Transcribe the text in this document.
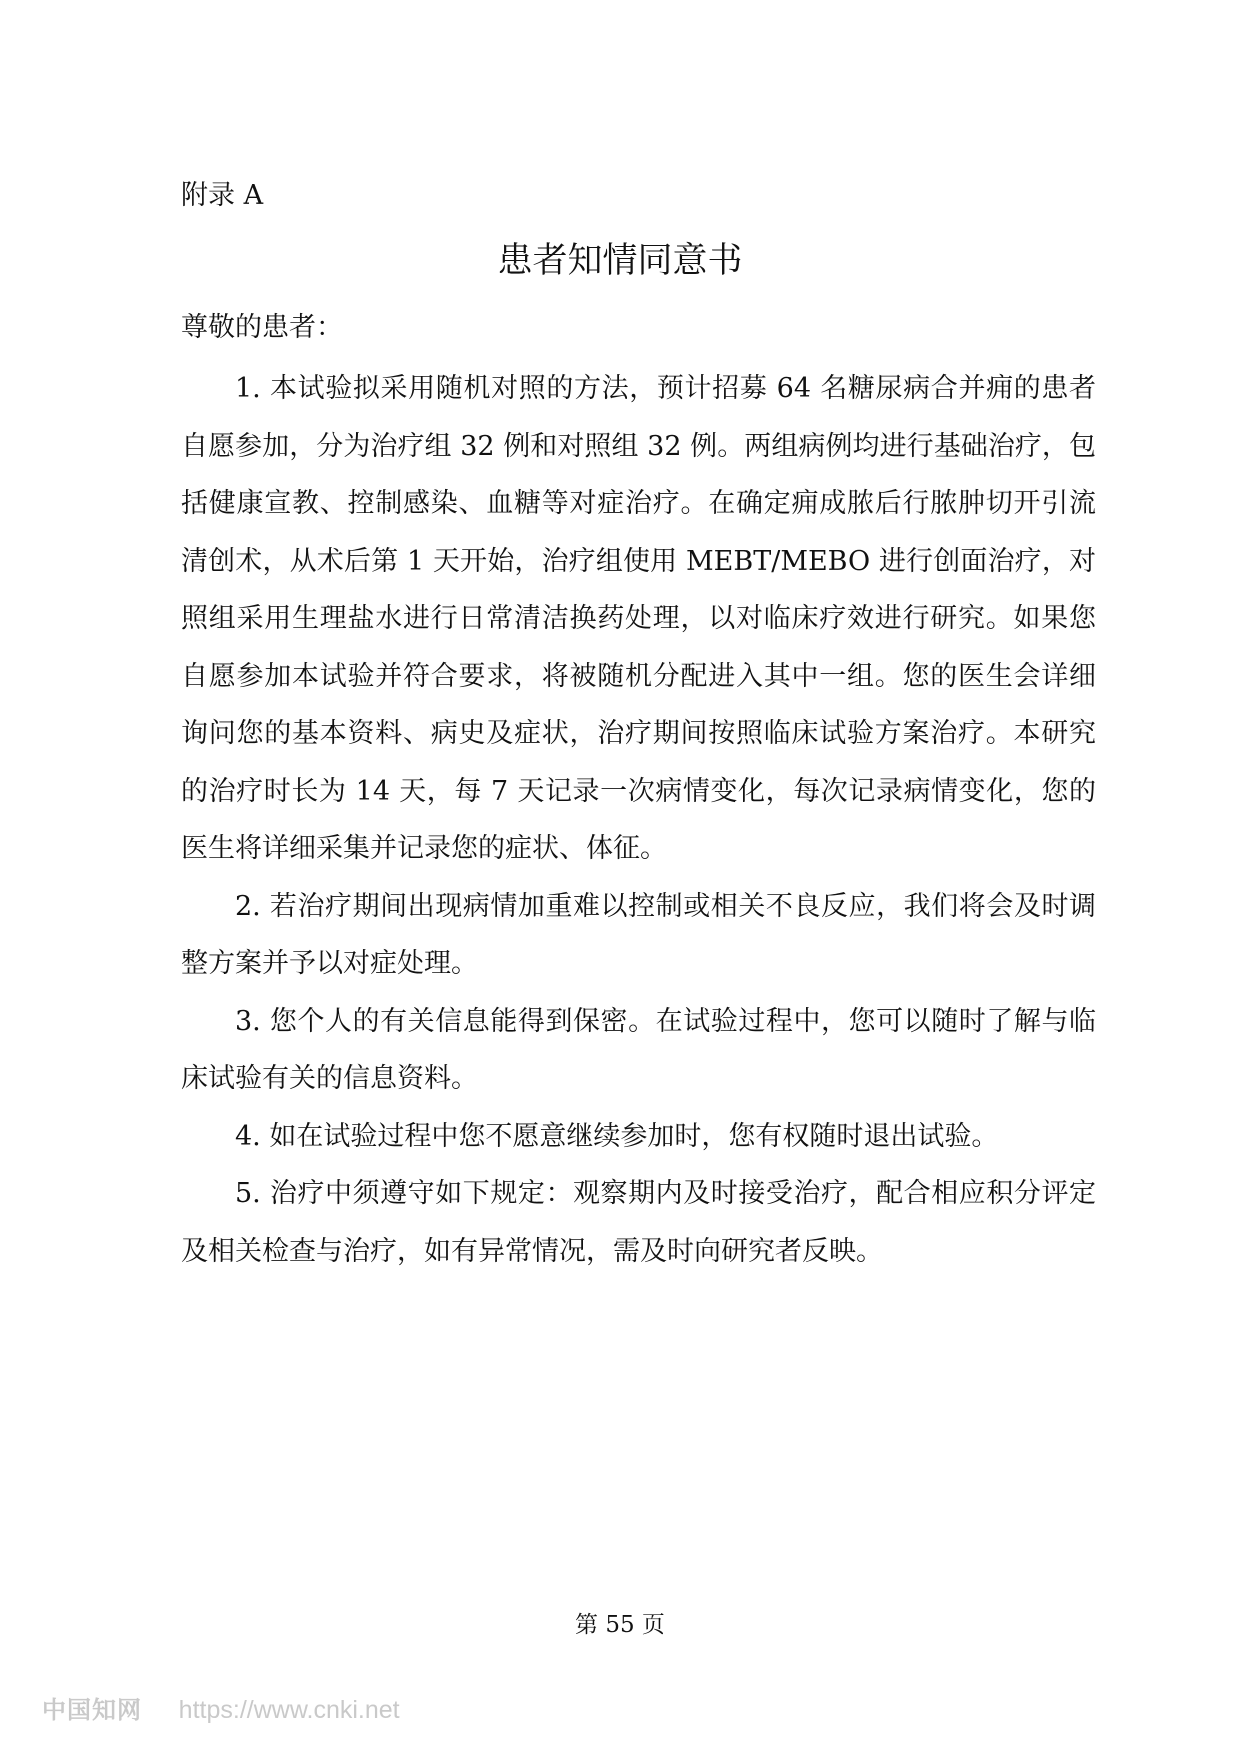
附录 A
患者知情同意书
尊敬的患者：

1. 本试验拟采用随机对照的方法，预计招募 64 名糖尿病合并痈的患者自愿参加，分为治疗组 32 例和对照组 32 例。两组病例均进行基础治疗，包括健康宣教、控制感染、血糖等对症治疗。在确定痈成脓后行脓肿切开引流清创术，从术后第 1 天开始，治疗组使用 MEBT/MEBO 进行创面治疗，对照组采用生理盐水进行日常清洁换药处理，以对临床疗效进行研究。如果您自愿参加本试验并符合要求，将被随机分配进入其中一组。您的医生会详细询问您的基本资料、病史及症状，治疗期间按照临床试验方案治疗。本研究的治疗时长为 14 天，每 7 天记录一次病情变化，每次记录病情变化，您的医生将详细采集并记录您的症状、体征。

2. 若治疗期间出现病情加重难以控制或相关不良反应，我们将会及时调整方案并予以对症处理。

3. 您个人的有关信息能得到保密。在试验过程中，您可以随时了解与临床试验有关的信息资料。

4. 如在试验过程中您不愿意继续参加时，您有权随时退出试验。

5. 治疗中须遵守如下规定：观察期内及时接受治疗，配合相应积分评定及相关检查与治疗，如有异常情况，需及时向研究者反映。

第 55 页
中国知网 https://www.cnki.net
